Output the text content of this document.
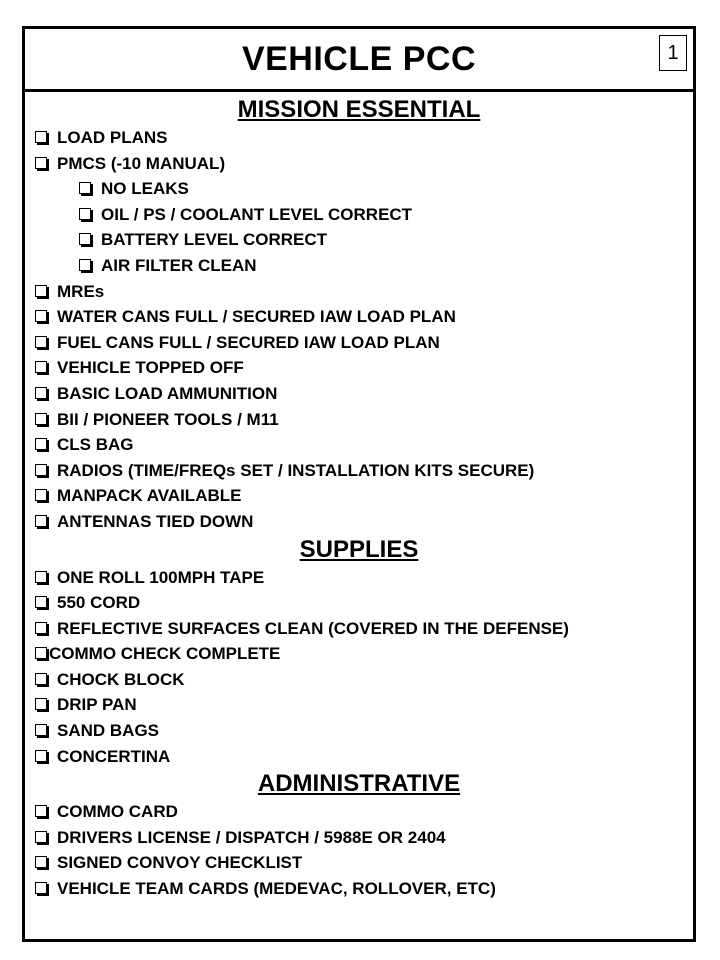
VEHICLE PCC	1
MISSION ESSENTIAL
LOAD PLANS
PMCS (-10 MANUAL)
NO LEAKS
OIL / PS / COOLANT LEVEL CORRECT
BATTERY LEVEL CORRECT
AIR FILTER CLEAN
MREs
WATER CANS FULL / SECURED IAW LOAD PLAN
FUEL CANS FULL / SECURED IAW LOAD PLAN
VEHICLE TOPPED OFF
BASIC LOAD AMMUNITION
BII / PIONEER TOOLS / M11
CLS BAG
RADIOS (TIME/FREQs SET / INSTALLATION KITS SECURE)
MANPACK AVAILABLE
ANTENNAS TIED DOWN
SUPPLIES
ONE ROLL 100MPH TAPE
550 CORD
REFLECTIVE SURFACES CLEAN (COVERED IN THE DEFENSE)
COMMO CHECK COMPLETE
CHOCK BLOCK
DRIP PAN
SAND BAGS
CONCERTINA
ADMINISTRATIVE
COMMO CARD
DRIVERS LICENSE / DISPATCH / 5988E OR 2404
SIGNED CONVOY CHECKLIST
VEHICLE TEAM CARDS (MEDEVAC, ROLLOVER, ETC)
